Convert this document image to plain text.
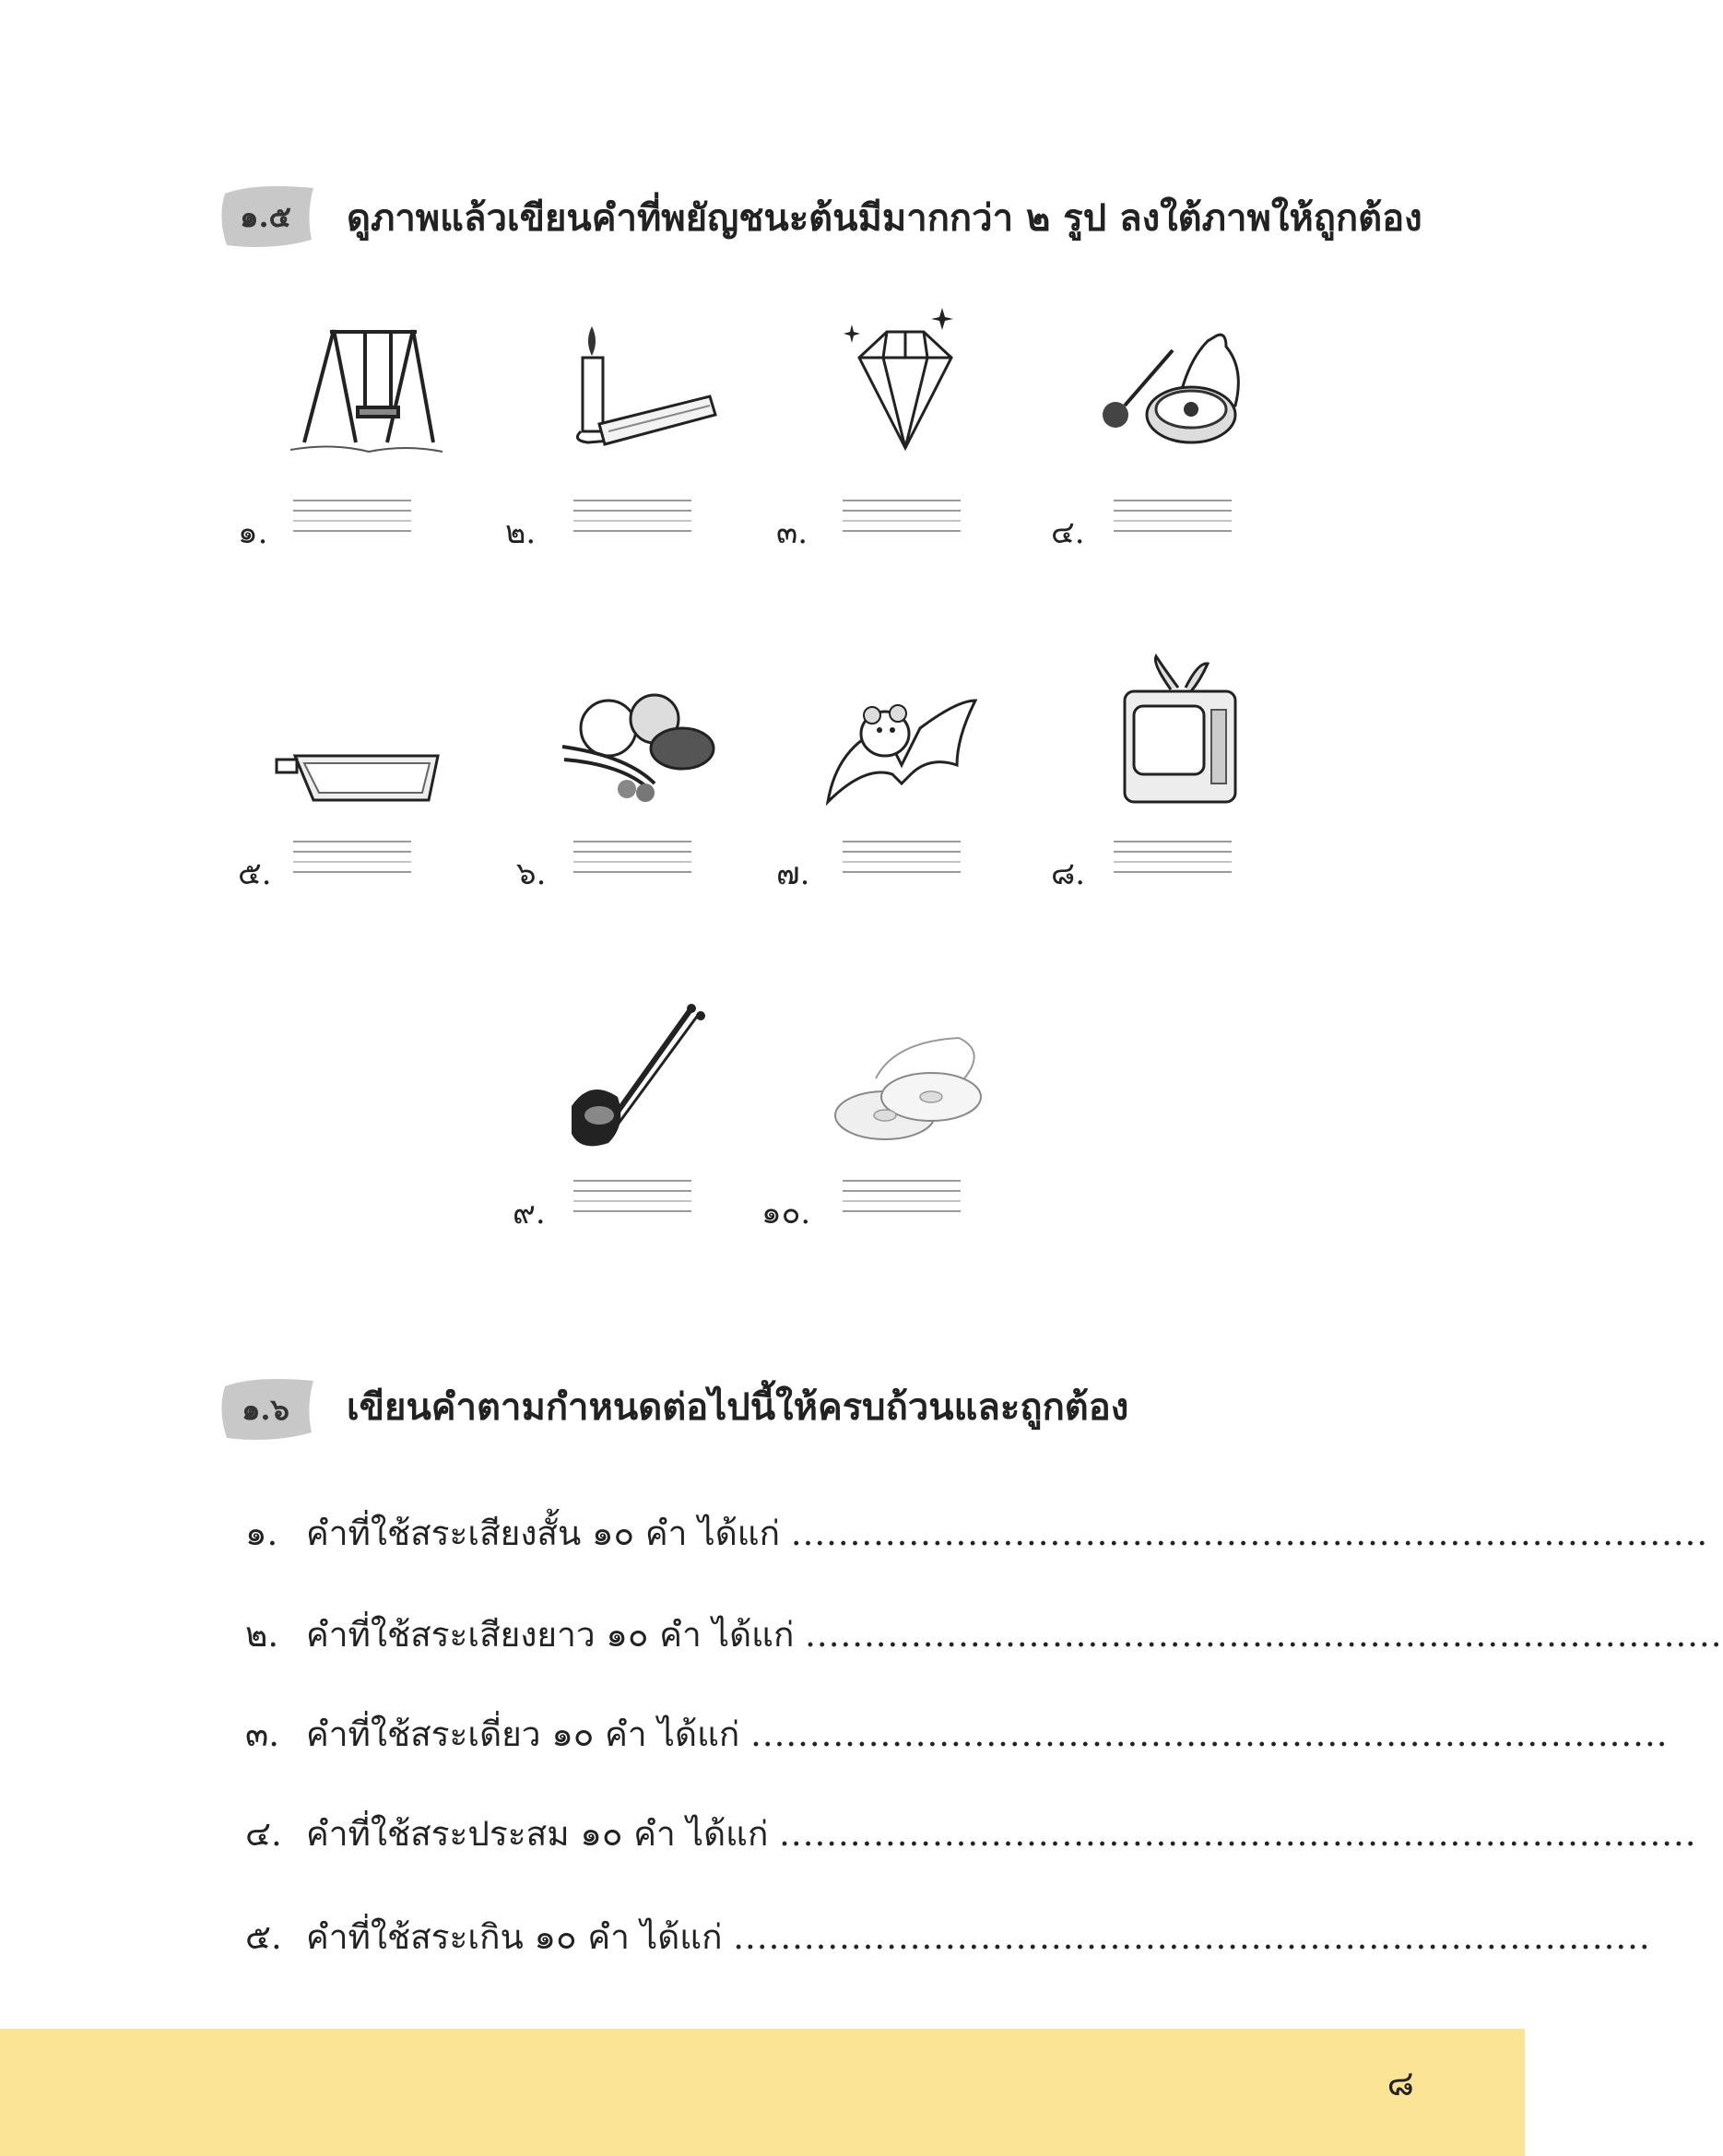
๑.๕	ดูภาพแล้วเขียนคำที่พยัญชนะต้นมีมากกว่า ๒ รูป ลงใต้ภาพให้ถูกต้อง
๑.	๒.	๓.	๔.
๕.	๖.	๗.	๘.
๙.	๑๐.
๑.๖	เขียนคำตามกำหนดต่อไปนี้ให้ครบถ้วนและถูกต้อง
๑. คำที่ใช้สระเสียงสั้น ๑๐ คำ ได้แก่ ..............................................................................
๒. คำที่ใช้สระเสียงยาว ๑๐ คำ ได้แก่ ..............................................................................
๓. คำที่ใช้สระเดี่ยว ๑๐ คำ ได้แก่ ..............................................................................
๔. คำที่ใช้สระประสม ๑๐ คำ ได้แก่ ..............................................................................
๕. คำที่ใช้สระเกิน ๑๐ คำ ได้แก่ ..............................................................................
๘
